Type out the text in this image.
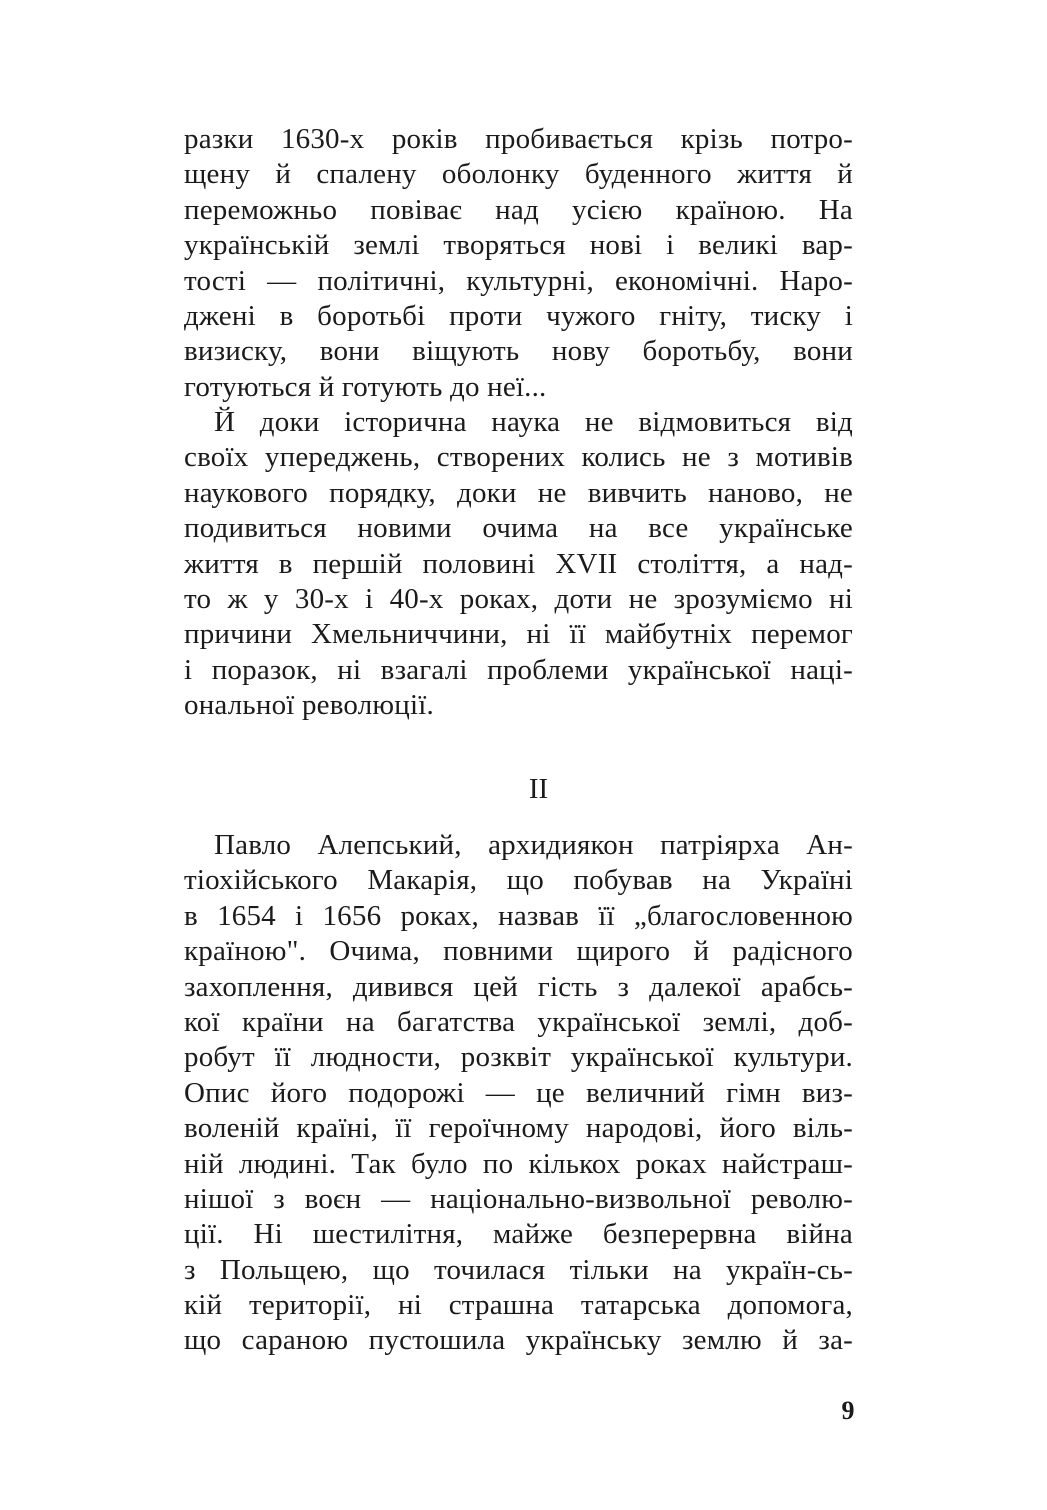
разки 1630-х років пробивається крізь потро-
щену й спалену оболонку буденного життя й
переможньо повіває над усією країною. На
українській землі творяться нові і великі вар-
тості — політичні, культурні, економічні. Наро-
джені в боротьбі проти чужого гніту, тиску і
визиску, вони віщують нову боротьбу, вони
готуються й готують до неї...
Й доки історична наука не відмовиться від
своїх упереджень, створених колись не з мотивів
наукового порядку, доки не вивчить наново, не
подивиться новими очима на все українське
життя в першій половині XVII століття, а над-
то ж у 30-х і 40-х роках, доти не зрозуміємо ні
причини Хмельниччини, ні її майбутніх перемог
і поразок, ні взагалі проблеми української наці-
ональної революції.
II
Павло Алепський, архидиякон патріярха Ан-
тіохійського Макарія, що побував на Україні
в 1654 і 1656 роках, назвав її „благословенною
країною". Очима, повними щирого й радісного
захоплення, дивився цей гість з далекої арабсь-
кої країни на багатства української землі, доб-
робут її людности, розквіт української культури.
Опис його подорожі — це величний гімн виз-
воленій країні, її героїчному народові, його віль-
ній людині. Так було по кількох роках найстраш-
нішої з воєн — національно-визвольної револю-
ції. Ні шестилітня, майже безперервна війна
з Польщею, що точилася тільки на україн-сь-
кій території, ні страшна татарська допомога,
що сараною пустошила українську землю й за-
9
